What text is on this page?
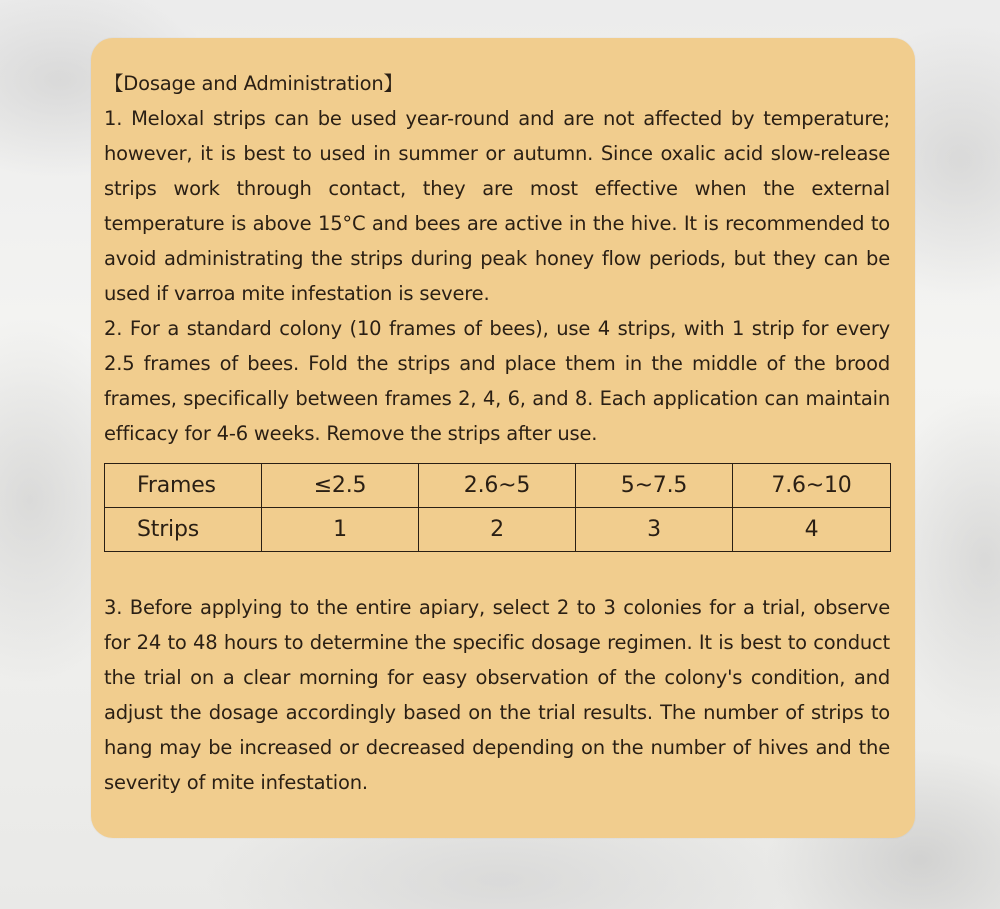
【Dosage and Administration】

1. Meloxal strips can be used year-round and are not affected by temperature; however, it is best to used in summer or autumn. Since oxalic acid slow-release strips work through contact, they are most effective when the external temperature is above 15°C and bees are active in the hive. It is recommended to avoid administrating the strips during peak honey flow periods, but they can be used if varroa mite infestation is severe.

2. For a standard colony (10 frames of bees), use 4 strips, with 1 strip for every 2.5 frames of bees. Fold the strips and place them in the middle of the brood frames, specifically between frames 2, 4, 6, and 8. Each application can maintain efficacy for 4-6 weeks. Remove the strips after use.

Frames	≤2.5	2.6~5	5~7.5	7.6~10
Strips	1	2	3	4

3. Before applying to the entire apiary, select 2 to 3 colonies for a trial, observe for 24 to 48 hours to determine the specific dosage regimen. It is best to conduct the trial on a clear morning for easy observation of the colony's condition, and adjust the dosage accordingly based on the trial results. The number of strips to hang may be increased or decreased depending on the number of hives and the severity of mite infestation.
